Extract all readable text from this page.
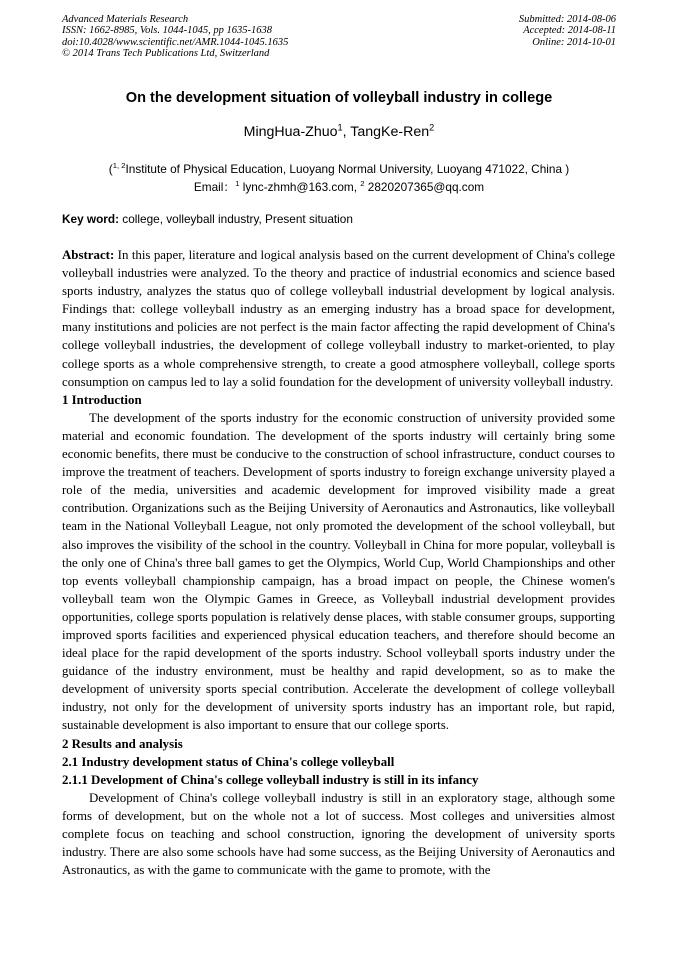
Advanced Materials Research
ISSN: 1662-8985, Vols. 1044-1045, pp 1635-1638
doi:10.4028/www.scientific.net/AMR.1044-1045.1635
© 2014 Trans Tech Publications Ltd, Switzerland
Submitted: 2014-08-06
Accepted: 2014-08-11
Online: 2014-10-01
On the development situation of volleyball industry in college
MingHua-Zhuo$^1$, TangKe-Ren$^2$
($^{1, 2}$Institute of Physical Education, Luoyang Normal University, Luoyang 471022, China )
Email：$^1$ lync-zhmh@163.com, $^2$ 2820207365@qq.com
Key word: college, volleyball industry, Present situation

Abstract: In this paper, literature and logical analysis based on the current development of China's college volleyball industries were analyzed. To the theory and practice of industrial economics and science based sports industry, analyzes the status quo of college volleyball industrial development by logical analysis. Findings that: college volleyball industry as an emerging industry has a broad space for development, many institutions and policies are not perfect is the main factor affecting the rapid development of China's college volleyball industries, the development of college volleyball industry to market-oriented, to play college sports as a whole comprehensive strength, to create a good atmosphere volleyball, college sports consumption on campus led to lay a solid foundation for the development of university volleyball industry.

1 Introduction

The development of the sports industry for the economic construction of university provided some material and economic foundation. The development of the sports industry will certainly bring some economic benefits, there must be conducive to the construction of school infrastructure, conduct courses to improve the treatment of teachers. Development of sports industry to foreign exchange university played a role of the media, universities and academic development for improved visibility made a great contribution. Organizations such as the Beijing University of Aeronautics and Astronautics, like volleyball team in the National Volleyball League, not only promoted the development of the school volleyball, but also improves the visibility of the school in the country. Volleyball in China for more popular, volleyball is the only one of China's three ball games to get the Olympics, World Cup, World Championships and other top events volleyball championship campaign, has a broad impact on people, the Chinese women's volleyball team won the Olympic Games in Greece, as Volleyball industrial development provides opportunities, college sports population is relatively dense places, with stable consumer groups, supporting improved sports facilities and experienced physical education teachers, and therefore should become an ideal place for the rapid development of the sports industry. School volleyball sports industry under the guidance of the industry environment, must be healthy and rapid development, so as to make the development of university sports special contribution. Accelerate the development of college volleyball industry, not only for the development of university sports industry has an important role, but rapid, sustainable development is also important to ensure that our college sports.

2 Results and analysis
2.1 Industry development status of China's college volleyball
2.1.1 Development of China's college volleyball industry is still in its infancy

Development of China's college volleyball industry is still in an exploratory stage, although some forms of development, but on the whole not a lot of success. Most colleges and universities almost complete focus on teaching and school construction, ignoring the development of university sports industry. There are also some schools have had some success, as the Beijing University of Aeronautics and Astronautics, as with the game to communicate with the game to promote, with the
